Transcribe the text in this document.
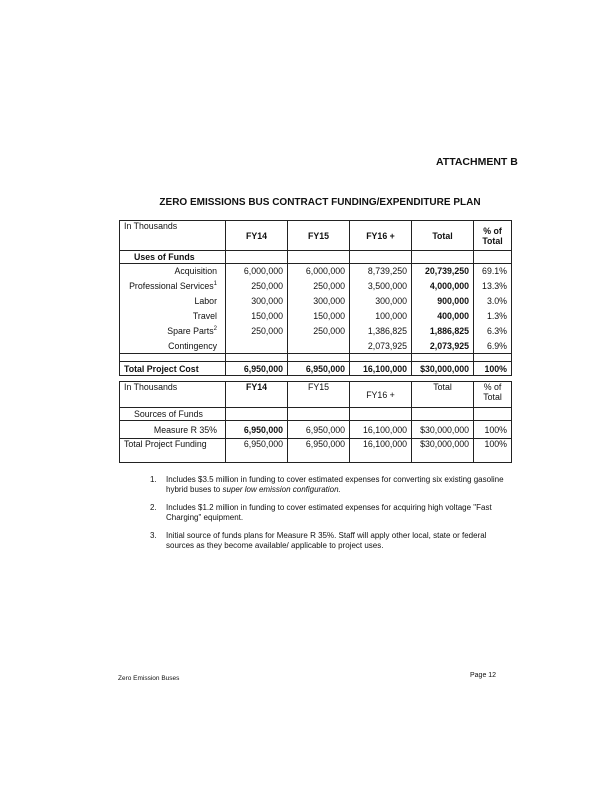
ATTACHMENT B
ZERO EMISSIONS BUS CONTRACT FUNDING/EXPENDITURE PLAN
In Thousands	FY14	FY15	FY16 +	Total	% of Total
Uses of Funds					
Acquisition	6,000,000	6,000,000	8,739,250	20,739,250	69.1%
Professional Services$^1$	250,000	250,000	3,500,000	4,000,000	13.3%
Labor	300,000	300,000	300,000	900,000	3.0%
Travel	150,000	150,000	100,000	400,000	1.3%
Spare Parts$^2$	250,000	250,000	1,386,825	1,886,825	6.3%
Contingency			2,073,925	2,073,925	6.9%

Total Project Cost	6,950,000	6,950,000	16,100,000	$30,000,000	100%
In Thousands	FY14	FY15	FY16 +	Total	% of Total
Sources of Funds					
Measure R 35%	6,950,000	6,950,000	16,100,000	$30,000,000	100%
Total Project Funding	6,950,000	6,950,000	16,100,000	$30,000,000	100%
1.	Includes $3.5 million in funding to cover estimated expenses for converting six existing gasoline hybrid buses to super low emission configuration.
2.	Includes $1.2 million in funding to cover estimated expenses for acquiring high voltage "Fast Charging" equipment.
3.	Initial source of funds plans for Measure R 35%. Staff will apply other local, state or federal sources as they become available/ applicable to project uses.
Zero Emission Buses	Page 12
